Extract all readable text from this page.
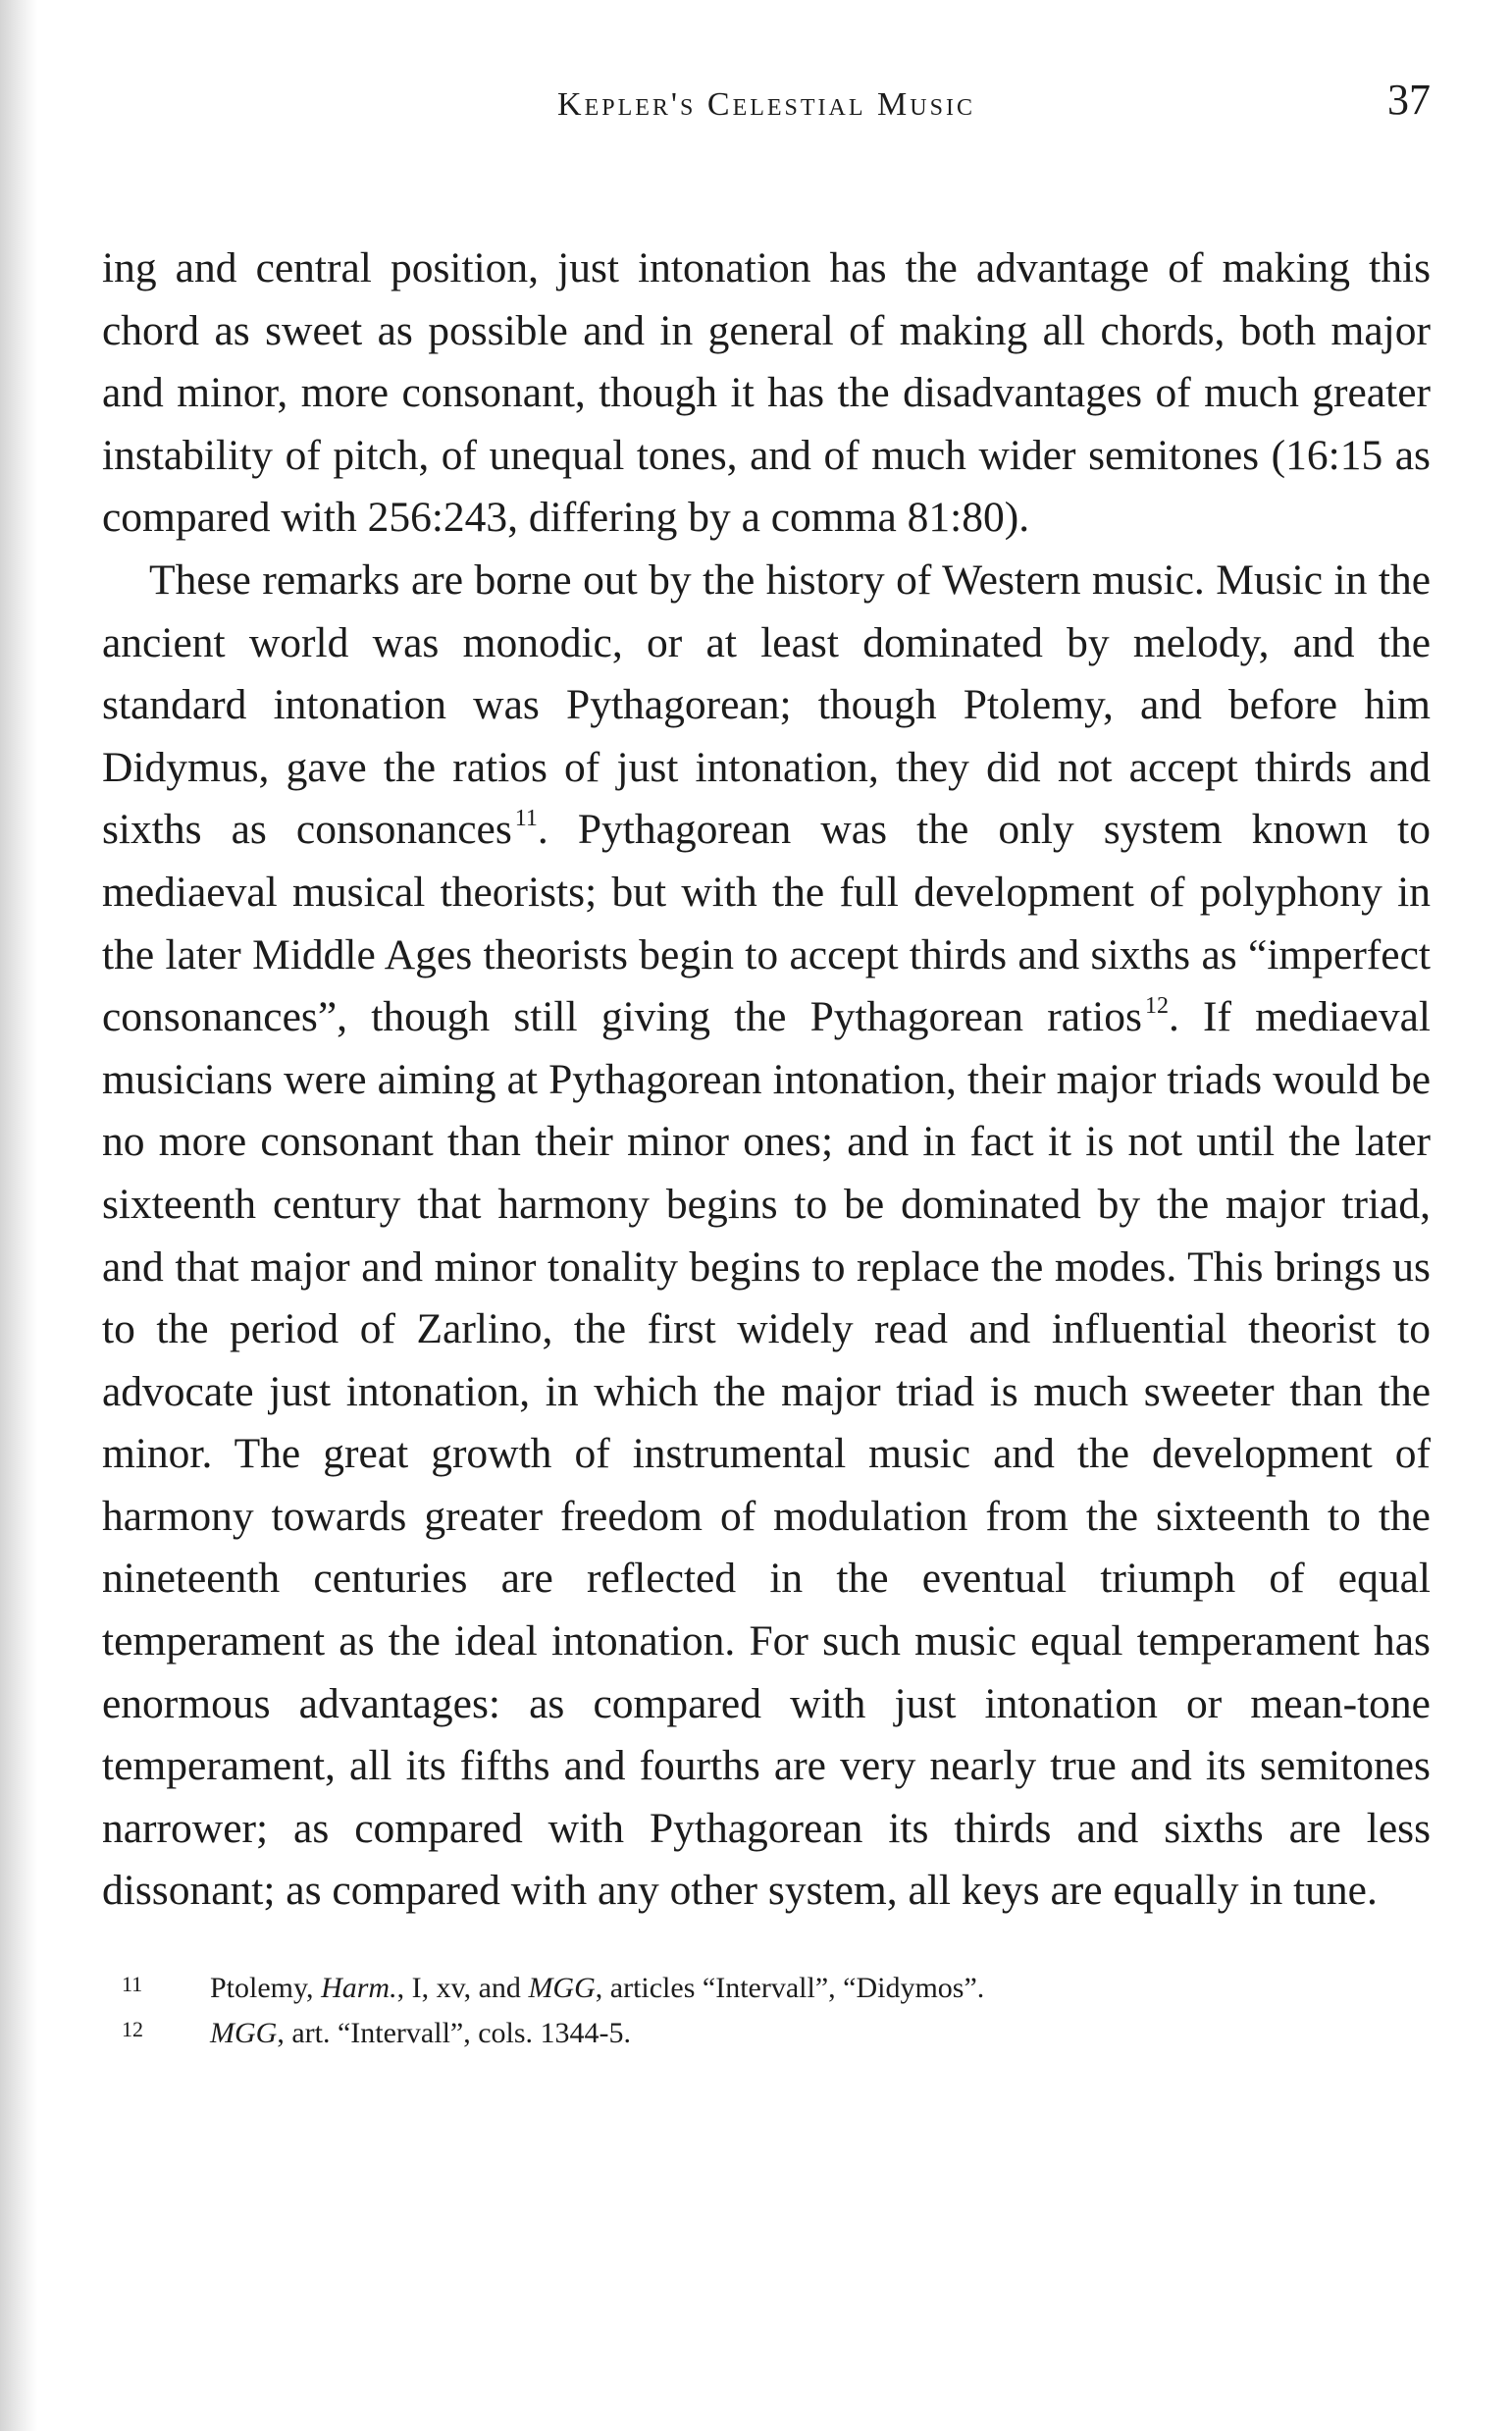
Kepler's Celestial Music	37

ing and central position, just intonation has the advantage of making this chord as sweet as possible and in general of making all chords, both major and minor, more consonant, though it has the disadvantages of much greater instability of pitch, of unequal tones, and of much wider semitones (16:15 as compared with 256:243, differing by a comma 81:80).

These remarks are borne out by the history of Western music. Music in the ancient world was monodic, or at least dominated by melody, and the standard intonation was Pythagorean; though Ptolemy, and before him Didymus, gave the ratios of just intonation, they did not accept thirds and sixths as consonances $^{11}$. Pythagorean was the only system known to mediaeval musical theorists; but with the full development of polyphony in the later Middle Ages theorists begin to accept thirds and sixths as “imperfect consonances”, though still giving the Pythagorean ratios $^{12}$. If mediaeval musicians were aiming at Pythagorean intonation, their major triads would be no more consonant than their minor ones; and in fact it is not until the later sixteenth century that harmony begins to be dominated by the major triad, and that major and minor tonality begins to replace the modes. This brings us to the period of Zarlino, the first widely read and influential theorist to advocate just intonation, in which the major triad is much sweeter than the minor. The great growth of instrumental music and the development of harmony towards greater freedom of modulation from the sixteenth to the nineteenth centuries are reflected in the eventual triumph of equal temperament as the ideal intonation. For such music equal temperament has enormous advantages: as compared with just intonation or mean-tone temperament, all its fifths and fourths are very nearly true and its semitones narrower; as compared with Pythagorean its thirds and sixths are less dissonant; as compared with any other system, all keys are equally in tune.

11 Ptolemy, Harm., I, xv, and MGG, articles “Intervall”, “Didymos”.
12 MGG, art. “Intervall”, cols. 1344-5.
